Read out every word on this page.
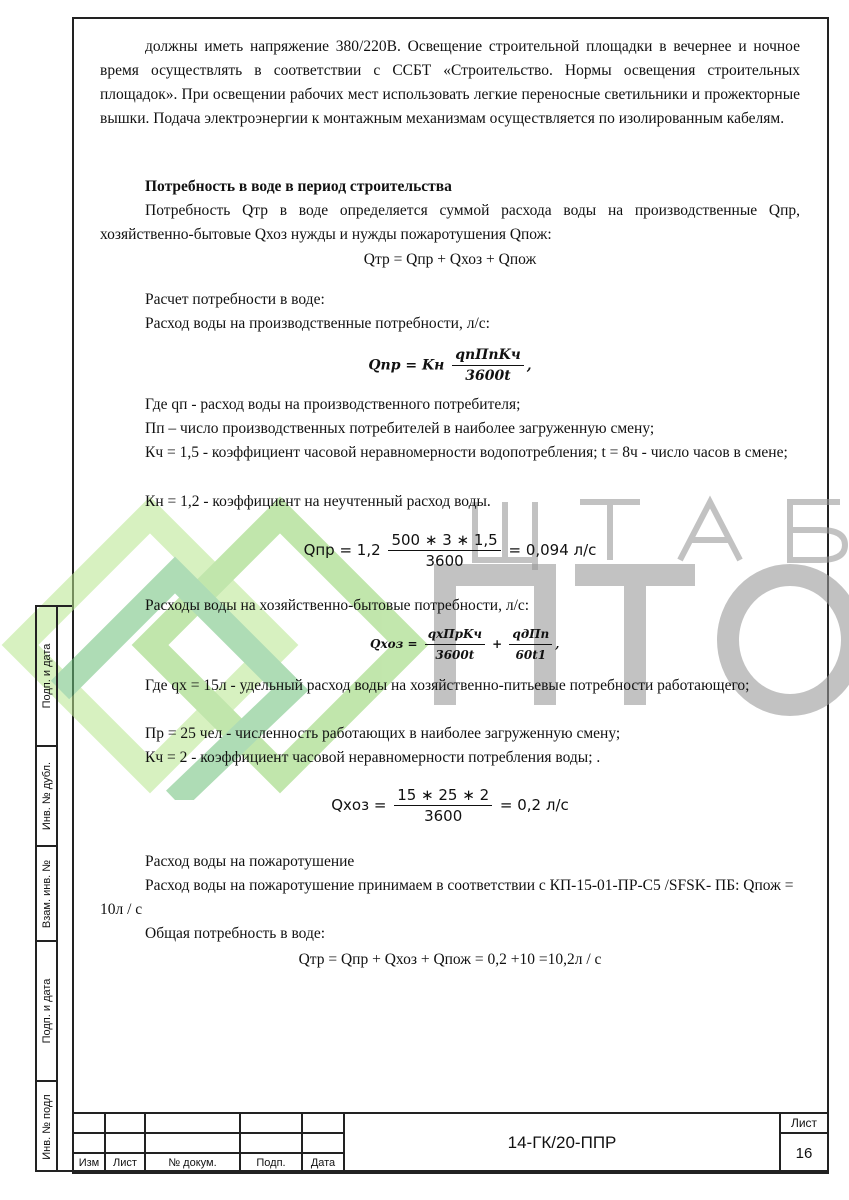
должны иметь напряжение 380/220В. Освещение строительной площадки в вечернее и ночное время осуществлять в соответствии с ССБТ «Строительство. Нормы освещения строительных площадок». При освещении рабочих мест использовать легкие переносные светильники и прожекторные вышки. Подача электроэнергии к монтажным механизмам осуществляется по изолированным кабелям.
Потребность в воде в период строительства
Потребность Qтр в воде определяется суммой расхода воды на производственные Qпр, хозяйственно-бытовые Qхоз нужды и нужды пожаротушения Qпож:
Qтр = Qпр + Qхоз + Qпож
Расчет потребности в воде:
Расход воды на производственные потребности, л/с:
Qпр = Kн $\frac{\text{qпПпKч}}{3600t}$ ,
Где qп - расход воды на производственного потребителя;
Пп – число производственных потребителей в наиболее загруженную смену;
Кч = 1,5 - коэффициент часовой неравномерности водопотребления; t = 8ч - число часов в смене;
Кн = 1,2 - коэффициент на неучтенный расход воды.
Qпр = $1,2 \frac{500 ∗ 3 ∗ 1,5}{3600} = 0,094$ л/с
Расходы воды на хозяйственно-бытовые потребности, л/с:
Qхоз = $\frac{\text{qxПрKч}}{3600t} + \frac{\text{qдПп}}{60t1}$ ,
Где qx = 15л - удельный расход воды на хозяйственно-питьевые потребности работающего;
Пр = 25 чел - численность работающих в наиболее загруженную смену;
Кч = 2 - коэффициент часовой неравномерности потребления воды; .
Qхоз = $\frac{15 ∗ 25 ∗ 2}{3600} = 0,2$ л/с
Расход воды на пожаротушение
Расход воды на пожаротушение принимаем в соответствии с КП-15-01-ПР-С5 /SFSK- ПБ: Qпож = 10л / с
Общая потребность в воде:
Qтр = Qпр + Qхоз + Qпож = 0,2 +10 =10,2л / с
Подп. и дата
Инв. № дубл.
Взам. инв. №
Подп. и дата
Инв. № подл
						14-ГК/20-ППР	Лист
						16
Изм	Лист	№ докум.	Подп.	Дата		
